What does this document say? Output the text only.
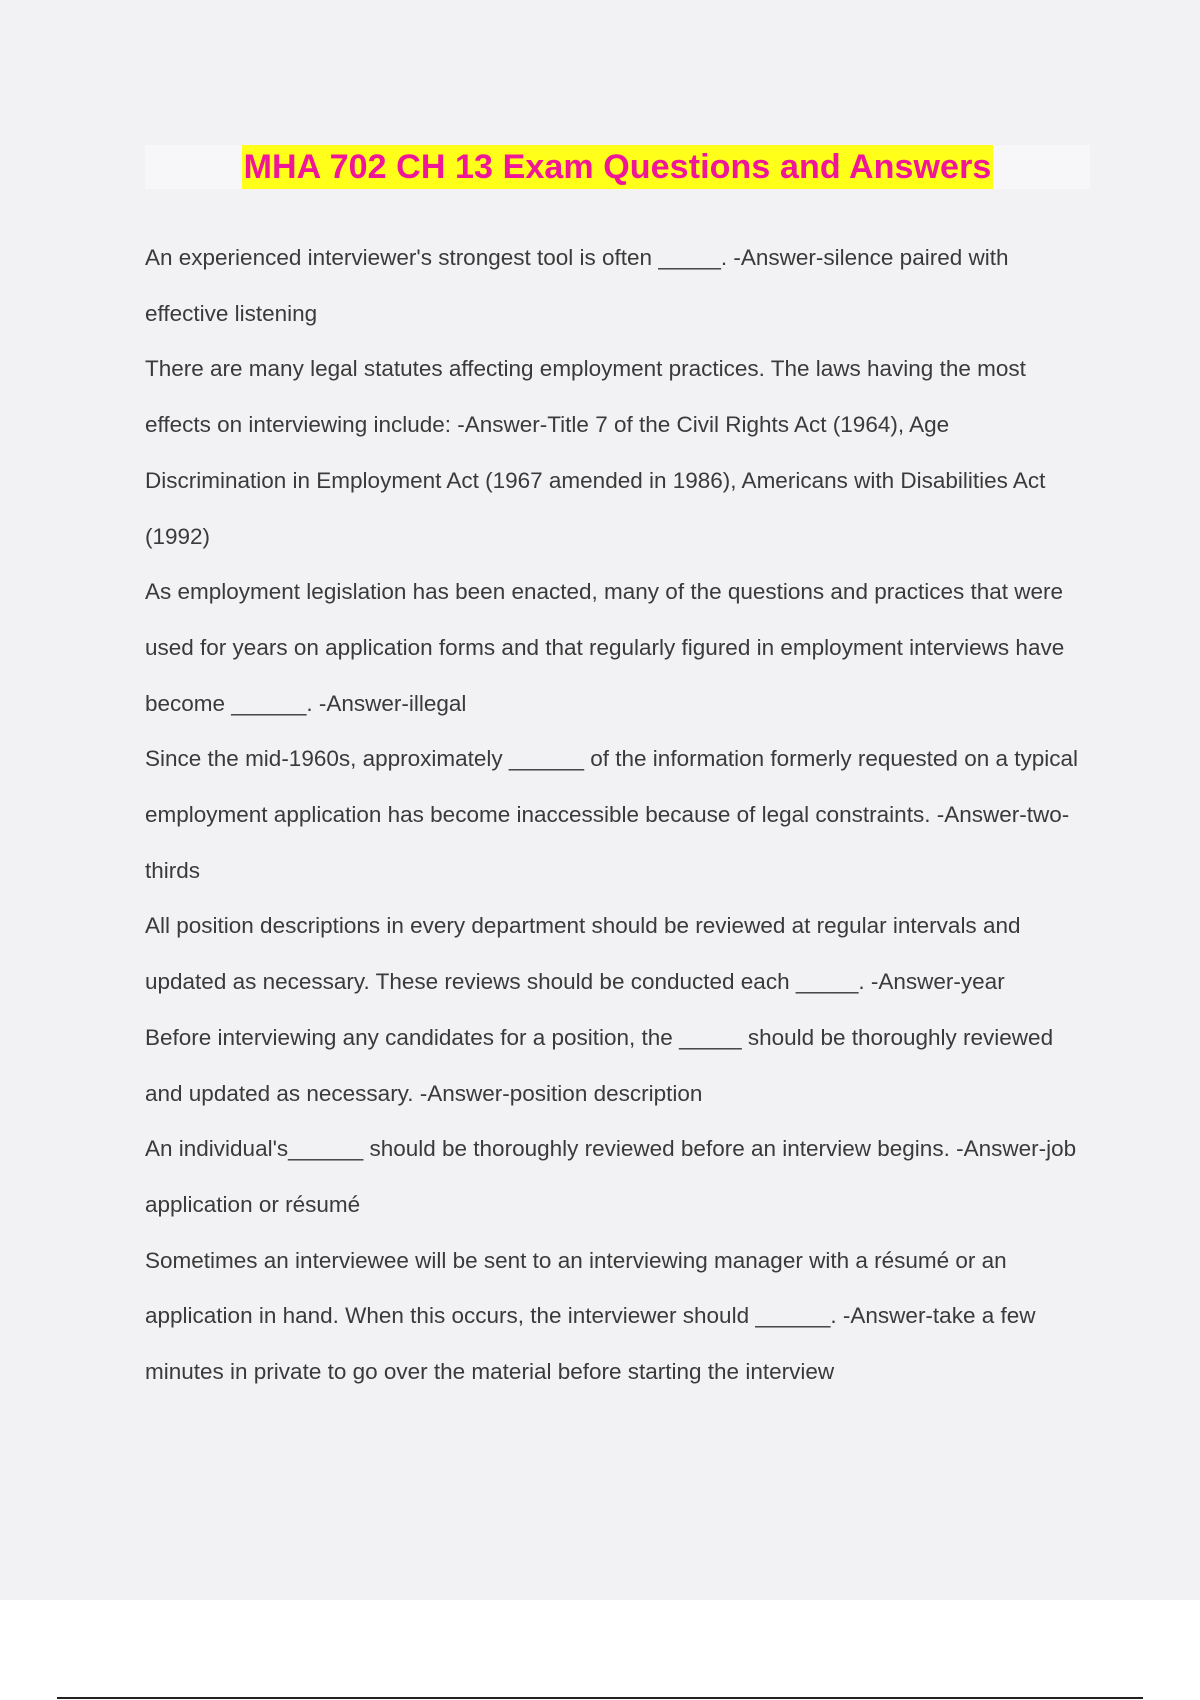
MHA 702 CH 13 Exam Questions and Answers

An experienced interviewer's strongest tool is often _____. -Answer-silence paired with effective listening

There are many legal statutes affecting employment practices. The laws having the most effects on interviewing include: -Answer-Title 7 of the Civil Rights Act (1964), Age Discrimination in Employment Act (1967 amended in 1986), Americans with Disabilities Act (1992)

As employment legislation has been enacted, many of the questions and practices that were used for years on application forms and that regularly figured in employment interviews have become ______. -Answer-illegal

Since the mid-1960s, approximately ______ of the information formerly requested on a typical employment application has become inaccessible because of legal constraints. -Answer-two-thirds

All position descriptions in every department should be reviewed at regular intervals and updated as necessary. These reviews should be conducted each _____. -Answer-year

Before interviewing any candidates for a position, the _____ should be thoroughly reviewed and updated as necessary. -Answer-position description

An individual's______ should be thoroughly reviewed before an interview begins. -Answer-job application or résumé

Sometimes an interviewee will be sent to an interviewing manager with a résumé or an application in hand. When this occurs, the interviewer should ______. -Answer-take a few minutes in private to go over the material before starting the interview
